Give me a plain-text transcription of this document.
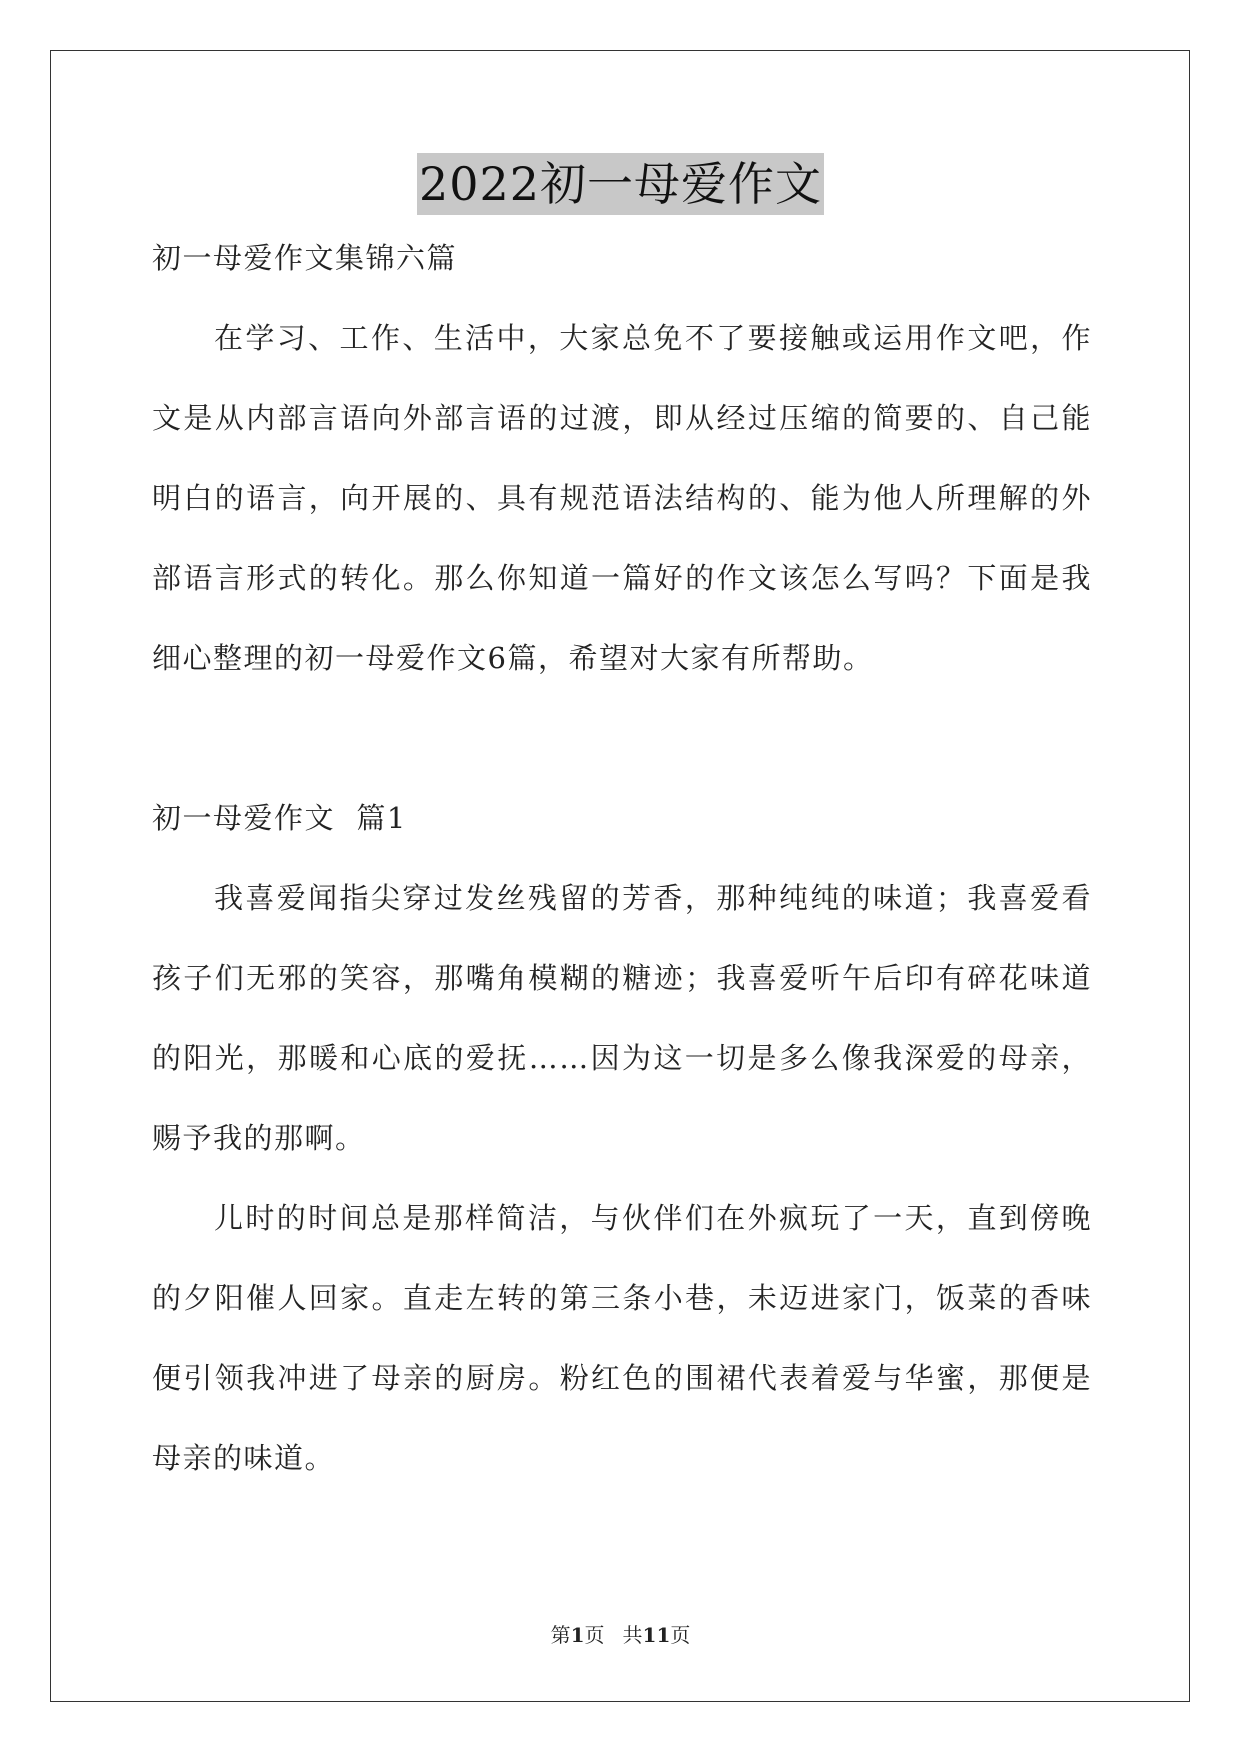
2022初一母爱作文
初一母爱作文集锦六篇
在学习、工作、生活中，大家总免不了要接触或运用作文吧，作
文是从内部言语向外部言语的过渡，即从经过压缩的简要的、自己能
明白的语言，向开展的、具有规范语法结构的、能为他人所理解的外
部语言形式的转化。那么你知道一篇好的作文该怎么写吗？下面是我
细心整理的初一母爱作文6篇，希望对大家有所帮助。
初一母爱作文  篇1
我喜爱闻指尖穿过发丝残留的芳香，那种纯纯的味道；我喜爱看
孩子们无邪的笑容，那嘴角模糊的糖迹；我喜爱听午后印有碎花味道
的阳光，那暖和心底的爱抚……因为这一切是多么像我深爱的母亲，
赐予我的那啊。
儿时的时间总是那样简洁，与伙伴们在外疯玩了一天，直到傍晚
的夕阳催人回家。直走左转的第三条小巷，未迈进家门，饭菜的香味
便引领我冲进了母亲的厨房。粉红色的围裙代表着爱与华蜜，那便是
母亲的味道。
第1页 共11页
